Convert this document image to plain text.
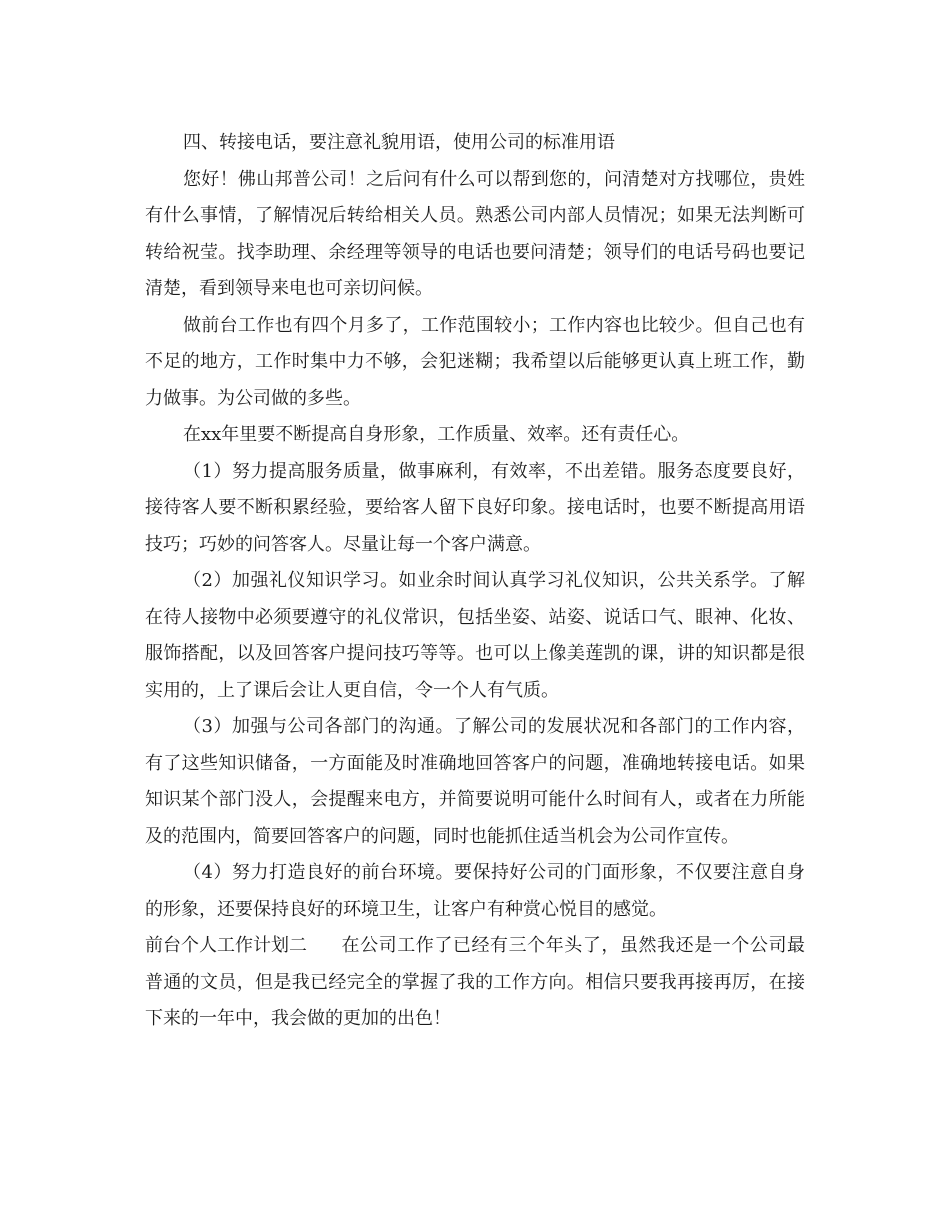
四、转接电话，要注意礼貌用语，使用公司的标准用语

您好！佛山邦普公司！之后问有什么可以帮到您的，问清楚对方找哪位，贵姓有什么事情，了解情况后转给相关人员。熟悉公司内部人员情况；如果无法判断可转给祝莹。找李助理、余经理等领导的电话也要问清楚；领导们的电话号码也要记清楚，看到领导来电也可亲切问候。

做前台工作也有四个月多了，工作范围较小；工作内容也比较少。但自己也有不足的地方，工作时集中力不够，会犯迷糊；我希望以后能够更认真上班工作，勤力做事。为公司做的多些。

在xx年里要不断提高自身形象，工作质量、效率。还有责任心。

（1）努力提高服务质量，做事麻利，有效率，不出差错。服务态度要良好，接待客人要不断积累经验，要给客人留下良好印象。接电话时，也要不断提高用语技巧；巧妙的问答客人。尽量让每一个客户满意。

（2）加强礼仪知识学习。如业余时间认真学习礼仪知识，公共关系学。了解在待人接物中必须要遵守的礼仪常识，包括坐姿、站姿、说话口气、眼神、化妆、服饰搭配，以及回答客户提问技巧等等。也可以上像美莲凯的课，讲的知识都是很实用的，上了课后会让人更自信，令一个人有气质。

（3）加强与公司各部门的沟通。了解公司的发展状况和各部门的工作内容，有了这些知识储备，一方面能及时准确地回答客户的问题，准确地转接电话。如果知识某个部门没人，会提醒来电方，并简要说明可能什么时间有人，或者在力所能及的范围内，简要回答客户的问题，同时也能抓住适当机会为公司作宣传。

（4）努力打造良好的前台环境。要保持好公司的门面形象，不仅要注意自身的形象，还要保持良好的环境卫生，让客户有种赏心悦目的感觉。

前台个人工作计划二 在公司工作了已经有三个年头了，虽然我还是一个公司最普通的文员，但是我已经完全的掌握了我的工作方向。相信只要我再接再厉，在接下来的一年中，我会做的更加的出色！
